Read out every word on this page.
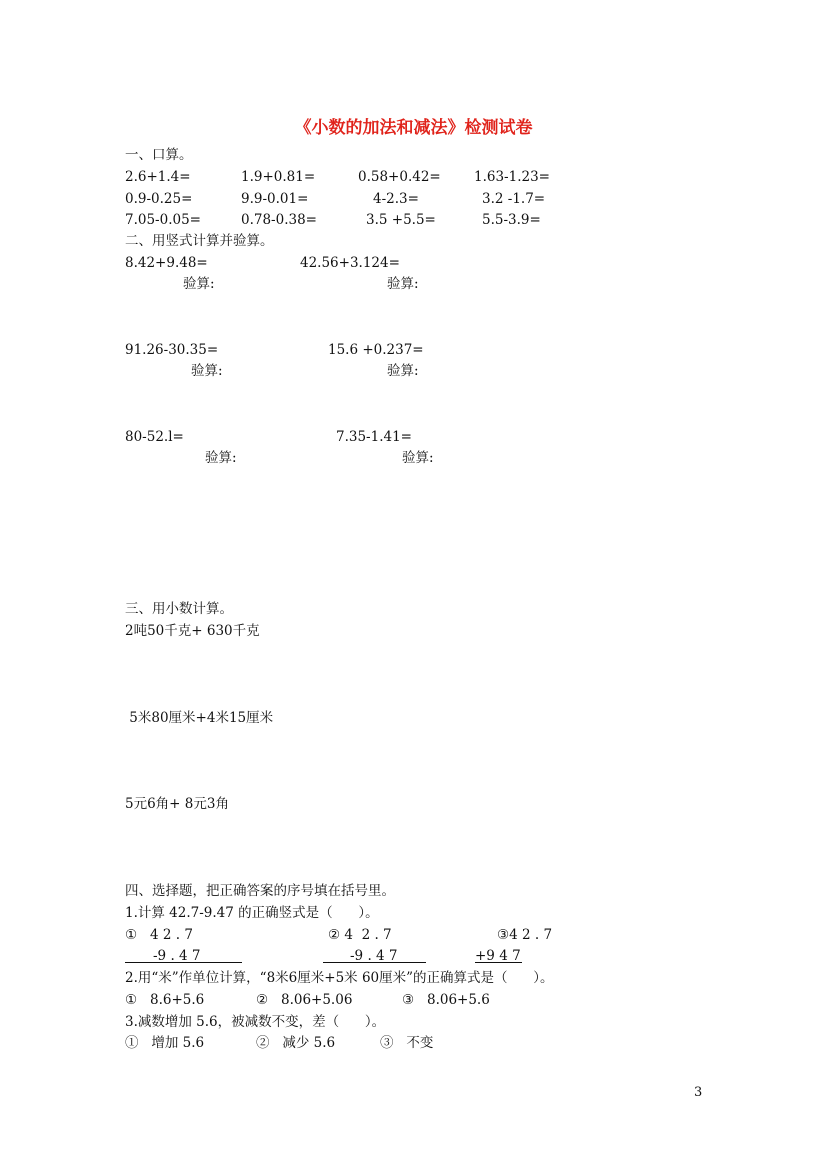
《小数的加法和减法》检测试卷
一、口算。
2.6+1.4=	1.9+0.81=	0.58+0.42= 1.63-1.23=
0.9-0.25=	9.9-0.01=	4-2.3=	3.2 -1.7=
7.05-0.05=	0.78-0.38=	3.5 +5.5=	5.5-3.9=
二、用竖式计算并验算。
8.42+9.48=	42.56+3.124=
验算:	验算:
91.26-30.35=	15.6 +0.237=
验算:	验算:
80-52.l=	7.35-1.41=
验算:	验算:
三、用小数计算。
2吨50千克+ 630千克
5米80厘米+4米15厘米
5元6角+ 8元3角
四、选择题，把正确答案的序号填在括号里。
1.计算 42.7-9.47 的正确竖式是（      ）。
①   4 2 . 7	② 4  2 . 7	③4 2 . 7
-9 . 4 7	-9 . 4 7	+9 4 7
2.用“米”作单位计算，“8米6厘米+5米 60厘米”的正确算式是（      ）。
①   8.6+5.6	②   8.06+5.06	③   8.06+5.6
3.减数增加 5.6，被减数不变，差（      ）。
①   增加 5.6	②   减少 5.6	③   不变
3
